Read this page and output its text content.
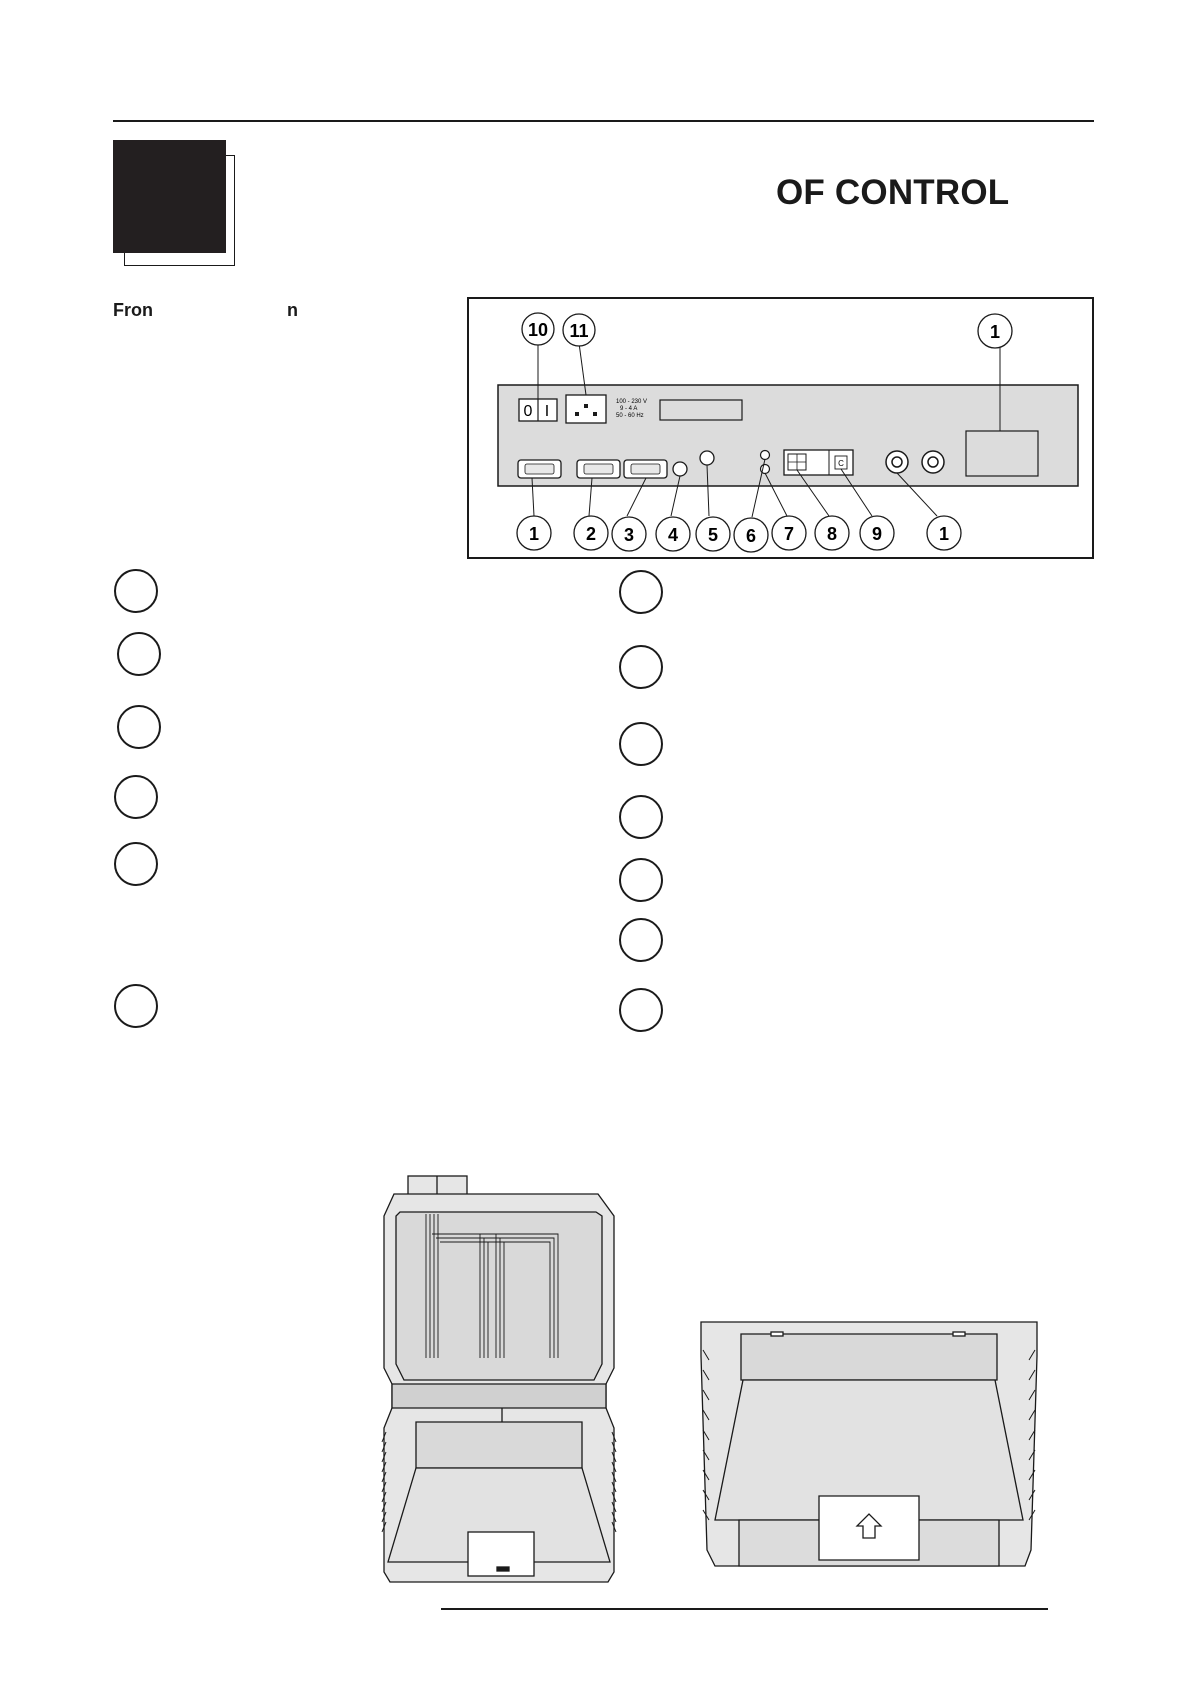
OF CONTROL
Fron	n
0 I
100 - 230 V
9 - 4 A
50 - 60 Hz
C
10 11	1
1	2 3 4 5 6 7 8 9	1
